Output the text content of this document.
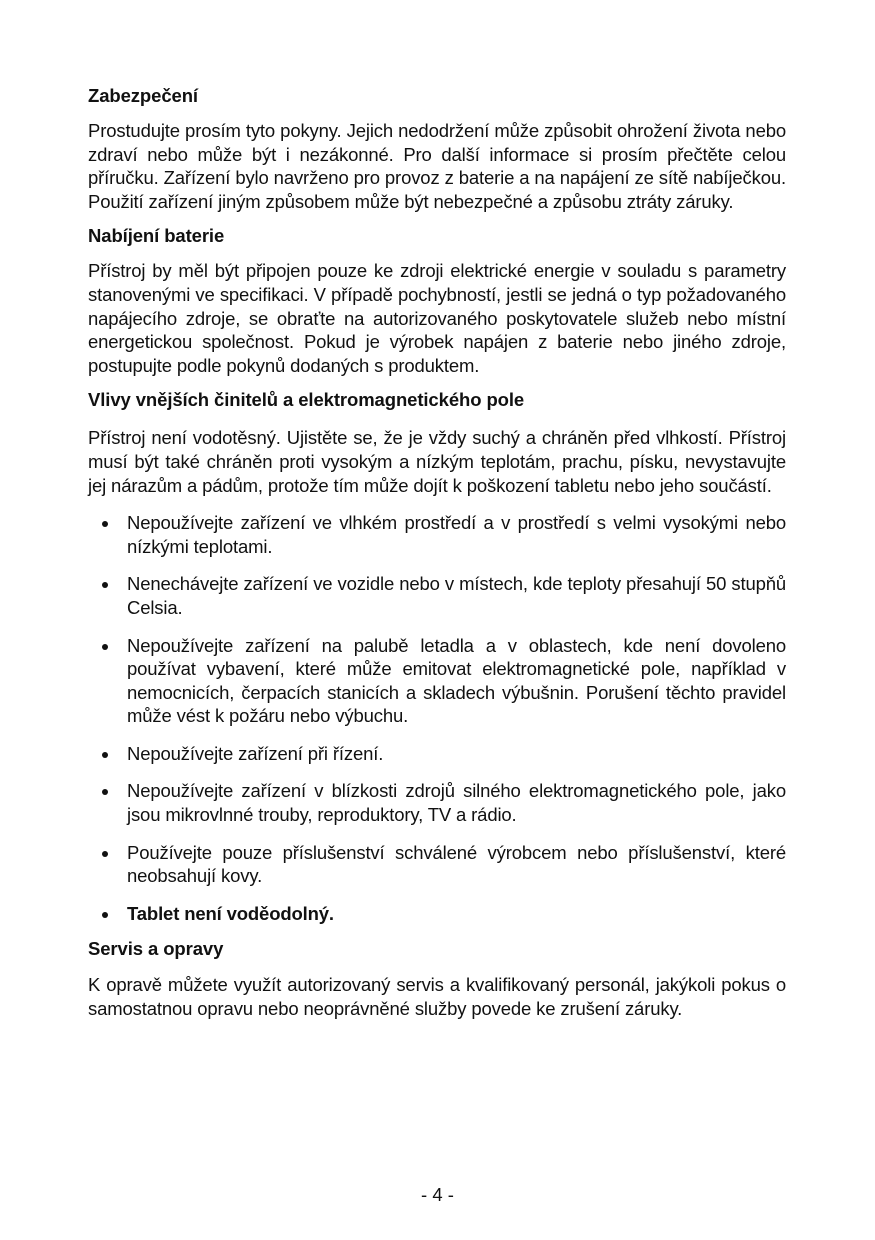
Zabezpečení

Prostudujte prosím tyto pokyny. Jejich nedodržení může způsobit ohrožení života nebo zdraví nebo může být i nezákonné. Pro další informace si prosím přečtěte celou příručku. Zařízení bylo navrženo pro provoz z baterie a na napájení ze sítě nabíječkou. Použití zařízení jiným způsobem může být nebezpečné a způsobu ztráty záruky.

Nabíjení baterie

Přístroj by měl být připojen pouze ke zdroji elektrické energie v souladu s parametry stanovenými ve specifikaci. V případě pochybností, jestli se jedná o typ požadovaného napájecího zdroje, se obraťte na autorizovaného poskytovatele služeb nebo místní energetickou společnost. Pokud je výrobek napájen z baterie nebo jiného zdroje, postupujte podle pokynů dodaných s produktem.

Vlivy vnějších činitelů a elektromagnetického pole

Přístroj není vodotěsný. Ujistěte se, že je vždy suchý a chráněn před vlhkostí. Přístroj musí být také chráněn proti vysokým a nízkým teplotám, prachu, písku, nevystavujte jej nárazům a pádům, protože tím může dojít k poškození tabletu nebo jeho součástí.

Nepoužívejte zařízení ve vlhkém prostředí a v prostředí s velmi vysokými nebo nízkými teplotami.
Nenechávejte zařízení ve vozidle nebo v místech, kde teploty přesahují 50 stupňů Celsia.
Nepoužívejte zařízení na palubě letadla a v oblastech, kde není dovoleno používat vybavení, které může emitovat elektromagnetické pole, například v nemocnicích, čerpacích stanicích a skladech výbušnin. Porušení těchto pravidel může vést k požáru nebo výbuchu.
Nepoužívejte zařízení při řízení.
Nepoužívejte zařízení v blízkosti zdrojů silného elektromagnetického pole, jako jsou mikrovlnné trouby, reproduktory, TV a rádio.
Používejte pouze příslušenství schválené výrobcem nebo příslušenství, které neobsahují kovy.
Tablet není voděodolný.
Servis a opravy

K opravě můžete využít autorizovaný servis a kvalifikovaný personál, jakýkoli pokus o samostatnou opravu nebo neoprávněné služby povede ke zrušení záruky.

- 4 -
